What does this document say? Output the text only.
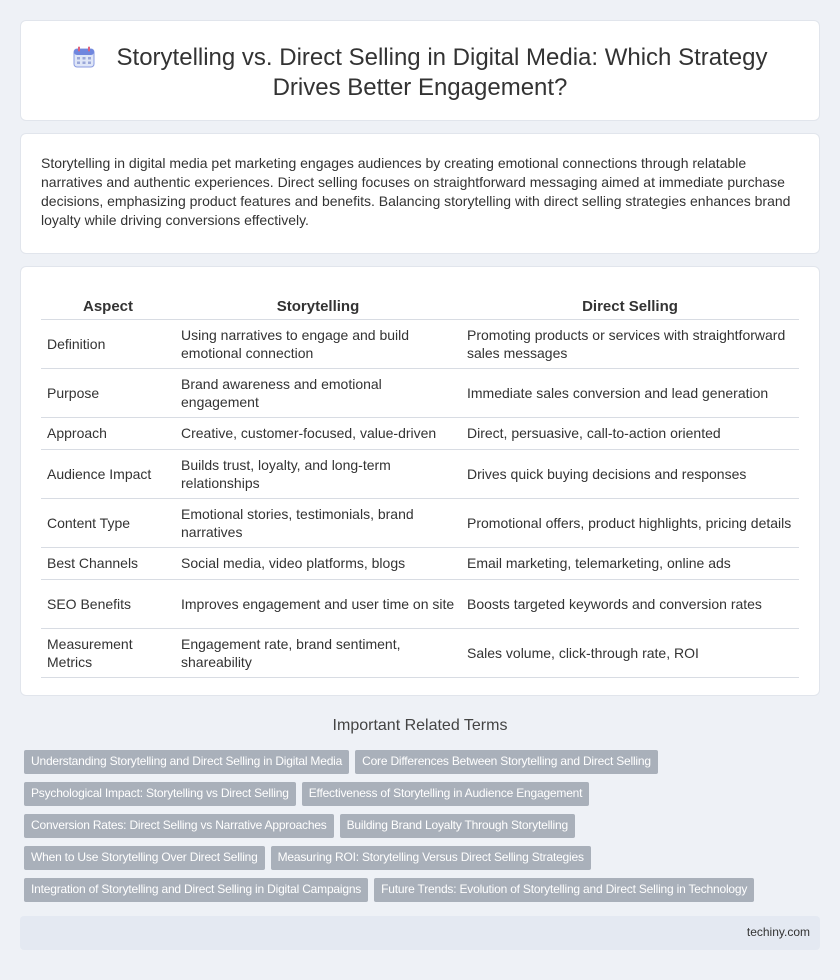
Storytelling vs. Direct Selling in Digital Media: Which Strategy Drives Better Engagement?

Storytelling in digital media pet marketing engages audiences by creating emotional connections through relatable narratives and authentic experiences. Direct selling focuses on straightforward messaging aimed at immediate purchase decisions, emphasizing product features and benefits. Balancing storytelling with direct selling strategies enhances brand loyalty while driving conversions effectively.

Aspect	Storytelling	Direct Selling
Definition	Using narratives to engage and build emotional connection	Promoting products or services with straightforward sales messages
Purpose	Brand awareness and emotional engagement	Immediate sales conversion and lead generation
Approach	Creative, customer-focused, value-driven	Direct, persuasive, call-to-action oriented
Audience Impact	Builds trust, loyalty, and long-term relationships	Drives quick buying decisions and responses
Content Type	Emotional stories, testimonials, brand narratives	Promotional offers, product highlights, pricing details
Best Channels	Social media, video platforms, blogs	Email marketing, telemarketing, online ads
SEO Benefits	Improves engagement and user time on site	Boosts targeted keywords and conversion rates
Measurement Metrics	Engagement rate, brand sentiment, shareability	Sales volume, click-through rate, ROI
Important Related Terms
Understanding Storytelling and Direct Selling in Digital Media Core Differences Between Storytelling and Direct Selling
Psychological Impact: Storytelling vs Direct Selling Effectiveness of Storytelling in Audience Engagement
Conversion Rates: Direct Selling vs Narrative Approaches Building Brand Loyalty Through Storytelling
When to Use Storytelling Over Direct Selling Measuring ROI: Storytelling Versus Direct Selling Strategies
Integration of Storytelling and Direct Selling in Digital Campaigns Future Trends: Evolution of Storytelling and Direct Selling in Technology
techiny.com
